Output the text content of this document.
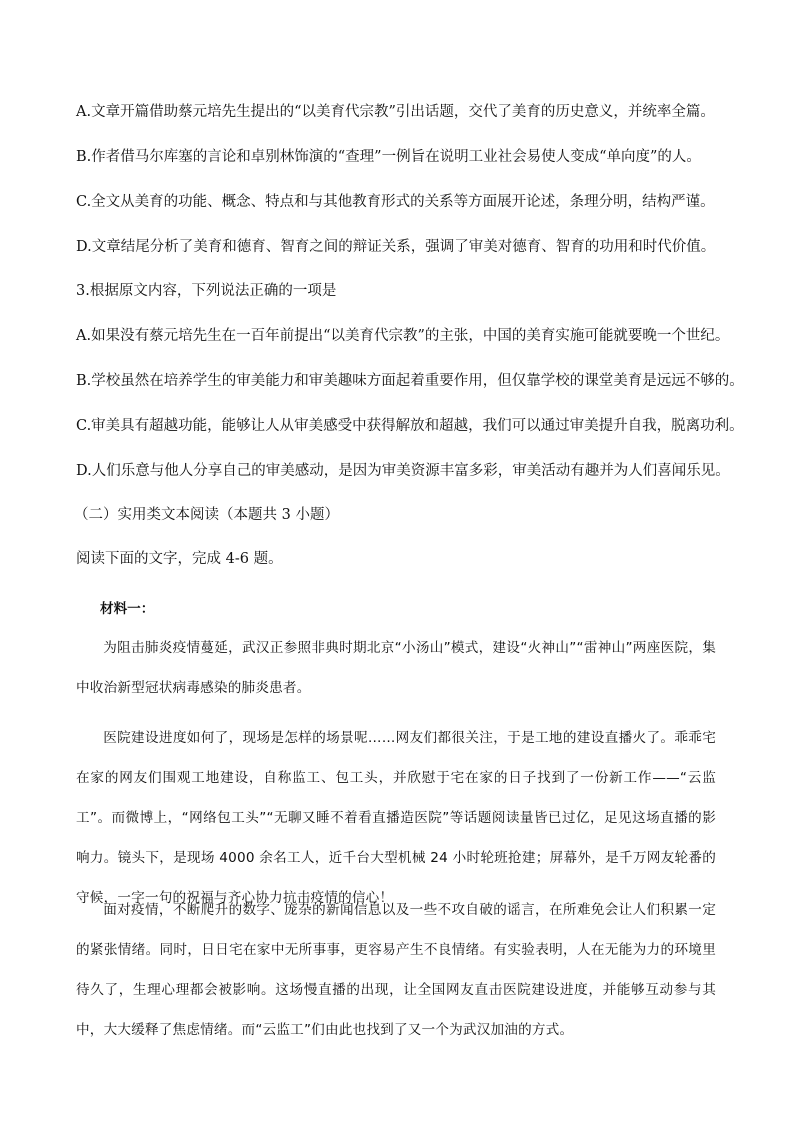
A.文章开篇借助蔡元培先生提出的“以美育代宗教”引出话题，交代了美育的历史意义，并统率全篇。
B.作者借马尔库塞的言论和卓别林饰演的“查理”一例旨在说明工业社会易使人变成“单向度”的人。
C.全文从美育的功能、概念、特点和与其他教育形式的关系等方面展开论述，条理分明，结构严谨。
D.文章结尾分析了美育和德育、智育之间的辩证关系，强调了审美对德育、智育的功用和时代价值。
3.根据原文内容，下列说法正确的一项是
A.如果没有蔡元培先生在一百年前提出“以美育代宗教”的主张，中国的美育实施可能就要晚一个世纪。
B.学校虽然在培养学生的审美能力和审美趣味方面起着重要作用，但仅靠学校的课堂美育是远远不够的。
C.审美具有超越功能，能够让人从审美感受中获得解放和超越，我们可以通过审美提升自我，脱离功利。
D.人们乐意与他人分享自己的审美感动，是因为审美资源丰富多彩，审美活动有趣并为人们喜闻乐见。
（二）实用类文本阅读（本题共 3 小题）
阅读下面的文字，完成 4-6 题。
材料一：
为阻击肺炎疫情蔓延，武汉正参照非典时期北京“小汤山”模式，建设“火神山”“雷神山”两座医院，集中收治新型冠状病毒感染的肺炎患者。
医院建设进度如何了，现场是怎样的场景呢……网友们都很关注，于是工地的建设直播火了。乖乖宅在家的网友们围观工地建设，自称监工、包工头，并欣慰于宅在家的日子找到了一份新工作——“云监工”。而微博上，“网络包工头”“无聊又睡不着看直播造医院”等话题阅读量皆已过亿，足见这场直播的影响力。镜头下，是现场 4000 余名工人，近千台大型机械 24 小时轮班抢建；屏幕外，是千万网友轮番的守候，一字一句的祝福与齐心协力抗击疫情的信心！
面对疫情，不断爬升的数字、庞杂的新闻信息以及一些不攻自破的谣言，在所难免会让人们积累一定的紧张情绪。同时，日日宅在家中无所事事，更容易产生不良情绪。有实验表明，人在无能为力的环境里待久了，生理心理都会被影响。这场慢直播的出现，让全国网友直击医院建设进度，并能够互动参与其中，大大缓释了焦虑情绪。而“云监工”们由此也找到了又一个为武汉加油的方式。
